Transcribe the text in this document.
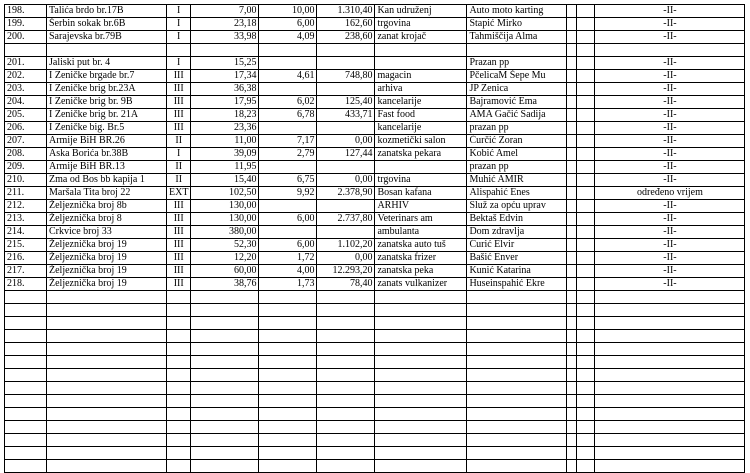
198.	Talića brdo br.17B	I	7,00	10,00	1.310,40	Kan udruženj	Auto moto karting			-II-
199.	Šerbin sokak br.6B	I	23,18	6,00	162,60	trgovina	Stapić Mirko			-II-
200.	Sarajevska br.79B	I	33,98	4,09	238,60	zanat krojač	Tahmiščija Alma			-II-

201.	Jaliski put br. 4	I	15,25				Prazan pp			-II-
202.	I Zeničke brgade br.7	III	17,34	4,61	748,80	magacin	PčelicaM Šepe Mu			-II-
203.	I Zeničke brig br.23A	III	36,38			arhiva	JP Zenica			-II-
204.	I Zeničke brig br. 9B	III	17,95	6,02	125,40	kancelarije	Bajramović Ema			-II-
205.	I Zeničke brig br. 21A	III	18,23	6,78	433,71	Fast food	AMA Gačić Sadija			-II-
206.	I Zeničke big. Br.5	III	23,36			kancelarije	prazan pp			-II-
207.	Armije BiH BR.26	II	11,00	7,17	0,00	kozmetički salon	Čurčić Zoran			-II-
208.	Aska Borića br.38B	I	39,09	2,79	127,44	zanatska pekara	Kobić Amel			-II-
209.	Armije BiH BR.13	II	11,95				prazan pp			-II-
210.	Zma od Bos bb kapija 1	II	15,40	6,75	0,00	trgovina	Muhić AMIR			-II-
211.	Maršala Tita broj 22	EXT	102,50	9,92	2.378,90	Bosan kafana	Alispahić Enes			određeno vrijem
212.	Željeznička broj 8b	III	130,00			ARHIV	Služ za opću uprav			-II-
213.	Željeznička broj 8	III	130,00	6,00	2.737,80	Veterinars am	Bektaš Edvin			-II-
214.	Crkvice broj 33	III	380,00			ambulanta	Dom zdravlja			-II-
215.	Željeznička broj 19	III	52,30	6,00	1.102,20	zanatska auto tuš	Ćurić Elvir			-II-
216.	Željeznička broj 19	III	12,20	1,72	0,00	zanatska frizer	Bašić Enver			-II-
217.	Željeznička broj 19	III	60,00	4,00	12.293,20	zanatska peka	Kunić Katarina			-II-
218.	Željeznička broj 19	III	38,76	1,73	78,40	zanats vulkanizer	Huseinspahić Ekre			-II-
